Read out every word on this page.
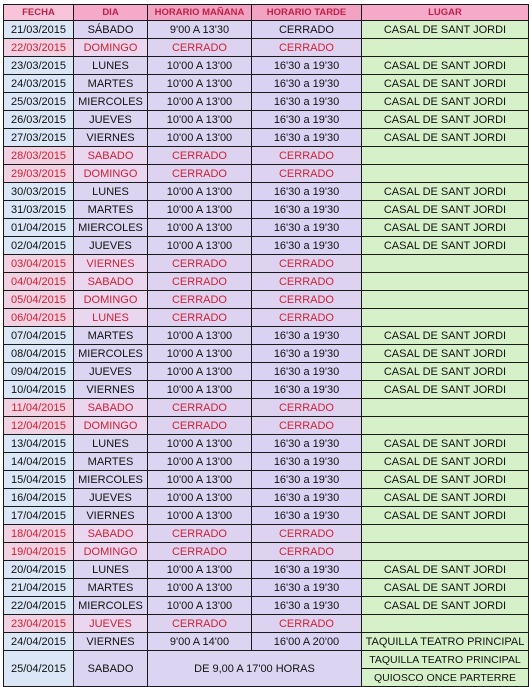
FECHA	DIA	HORARIO MAÑANA	HORARIO TARDE	LUGAR
21/03/2015	SÁBADO	9'00 A 13'30	CERRADO	CASAL DE SANT JORDI
22/03/2015	DOMINGO	CERRADO	CERRADO	
23/03/2015	LUNES	10'00 A 13'00	16'30 a 19'30	CASAL DE SANT JORDI
24/03/2015	MARTES	10'00 A 13'00	16'30 a 19'30	CASAL DE SANT JORDI
25/03/2015	MIERCOLES	10'00 A 13'00	16'30 a 19'30	CASAL DE SANT JORDI
26/03/2015	JUEVES	10'00 A 13'00	16'30 a 19'30	CASAL DE SANT JORDI
27/03/2015	VIERNES	10'00 A 13'00	16'30 a 19'30	CASAL DE SANT JORDI
28/03/2015	SABADO	CERRADO	CERRADO	
29/03/2015	DOMINGO	CERRADO	CERRADO	
30/03/2015	LUNES	10'00 A 13'00	16'30 a 19'30	CASAL DE SANT JORDI
31/03/2015	MARTES	10'00 A 13'00	16'30 a 19'30	CASAL DE SANT JORDI
01/04/2015	MIERCOLES	10'00 A 13'00	16'30 a 19'30	CASAL DE SANT JORDI
02/04/2015	JUEVES	10'00 A 13'00	16'30 a 19'30	CASAL DE SANT JORDI
03/04/2015	VIERNES	CERRADO	CERRADO	
04/04/2015	SABADO	CERRADO	CERRADO	
05/04/2015	DOMINGO	CERRADO	CERRADO	
06/04/2015	LUNES	CERRADO	CERRADO	
07/04/2015	MARTES	10'00 A 13'00	16'30 a 19'30	CASAL DE SANT JORDI
08/04/2015	MIERCOLES	10'00 A 13'00	16'30 a 19'30	CASAL DE SANT JORDI
09/04/2015	JUEVES	10'00 A 13'00	16'30 a 19'30	CASAL DE SANT JORDI
10/04/2015	VIERNES	10'00 A 13'00	16'30 a 19'30	CASAL DE SANT JORDI
11/04/2015	SABADO	CERRADO	CERRADO	
12/04/2015	DOMINGO	CERRADO	CERRADO	
13/04/2015	LUNES	10'00 A 13'00	16'30 a 19'30	CASAL DE SANT JORDI
14/04/2015	MARTES	10'00 A 13'00	16'30 a 19'30	CASAL DE SANT JORDI
15/04/2015	MIERCOLES	10'00 A 13'00	16'30 a 19'30	CASAL DE SANT JORDI
16/04/2015	JUEVES	10'00 A 13'00	16'30 a 19'30	CASAL DE SANT JORDI
17/04/2015	VIERNES	10'00 A 13'00	16'30 a 19'30	CASAL DE SANT JORDI
18/04/2015	SABADO	CERRADO	CERRADO	
19/04/2015	DOMINGO	CERRADO	CERRADO	
20/04/2015	LUNES	10'00 A 13'00	16'30 a 19'30	CASAL DE SANT JORDI
21/04/2015	MARTES	10'00 A 13'00	16'30 a 19'30	CASAL DE SANT JORDI
22/04/2015	MIERCOLES	10'00 A 13'00	16'30 a 19'30	CASAL DE SANT JORDI
23/04/2015	JUEVES	CERRADO	CERRADO	
24/04/2015	VIERNES	9'00 A 14'00	16'00 A 20'00	TAQUILLA TEATRO PRINCIPAL
25/04/2015	SABADO	DE 9,00 A 17'00 HORAS		TAQUILLA TEATRO PRINCIPAL
				QUIOSCO ONCE PARTERRE
